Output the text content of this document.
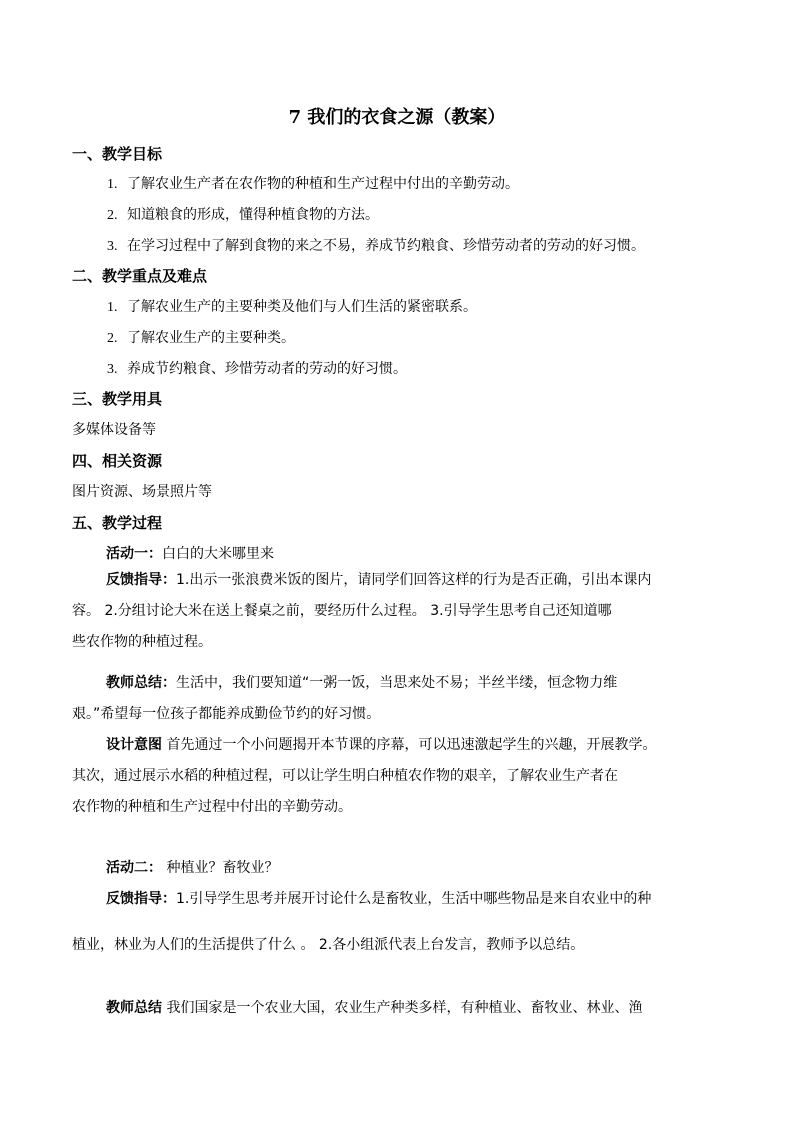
7 我们的衣食之源（教案）
一、教学目标
1. 了解农业生产者在农作物的种植和生产过程中付出的辛勤劳动。
2. 知道粮食的形成，懂得种植食物的方法。
3. 在学习过程中了解到食物的来之不易，养成节约粮食、珍惜劳动者的劳动的好习惯。
二、教学重点及难点
1. 了解农业生产的主要种类及他们与人们生活的紧密联系。
2. 了解农业生产的主要种类。
3. 养成节约粮食、珍惜劳动者的劳动的好习惯。
三、教学用具
多媒体设备等
四、相关资源
图片资源、场景照片等
五、教学过程
活动一：白白的大米哪里来
反馈指导：1.出示一张浪费米饭的图片，请同学们回答这样的行为是否正确，引出本课内
容。 2.分组讨论大米在送上餐桌之前，要经历什么过程。 3.引导学生思考自己还知道哪
些农作物的种植过程。
教师总结：生活中，我们要知道“一粥一饭，当思来处不易；半丝半缕，恒念物力维
艰。”希望每一位孩子都能养成勤俭节约的好习惯。
设计意图 首先通过一个小问题揭开本节课的序幕，可以迅速激起学生的兴趣，开展教学。
其次，通过展示水稻的种植过程，可以让学生明白种植农作物的艰辛，了解农业生产者在
农作物的种植和生产过程中付出的辛勤劳动。
活动二： 种植业？畜牧业？
反馈指导：1.引导学生思考并展开讨论什么是畜牧业，生活中哪些物品是来自农业中的种
植业，林业为人们的生活提供了什么 。 2.各小组派代表上台发言，教师予以总结。
教师总结 我们国家是一个农业大国，农业生产种类多样，有种植业、畜牧业、林业、渔
